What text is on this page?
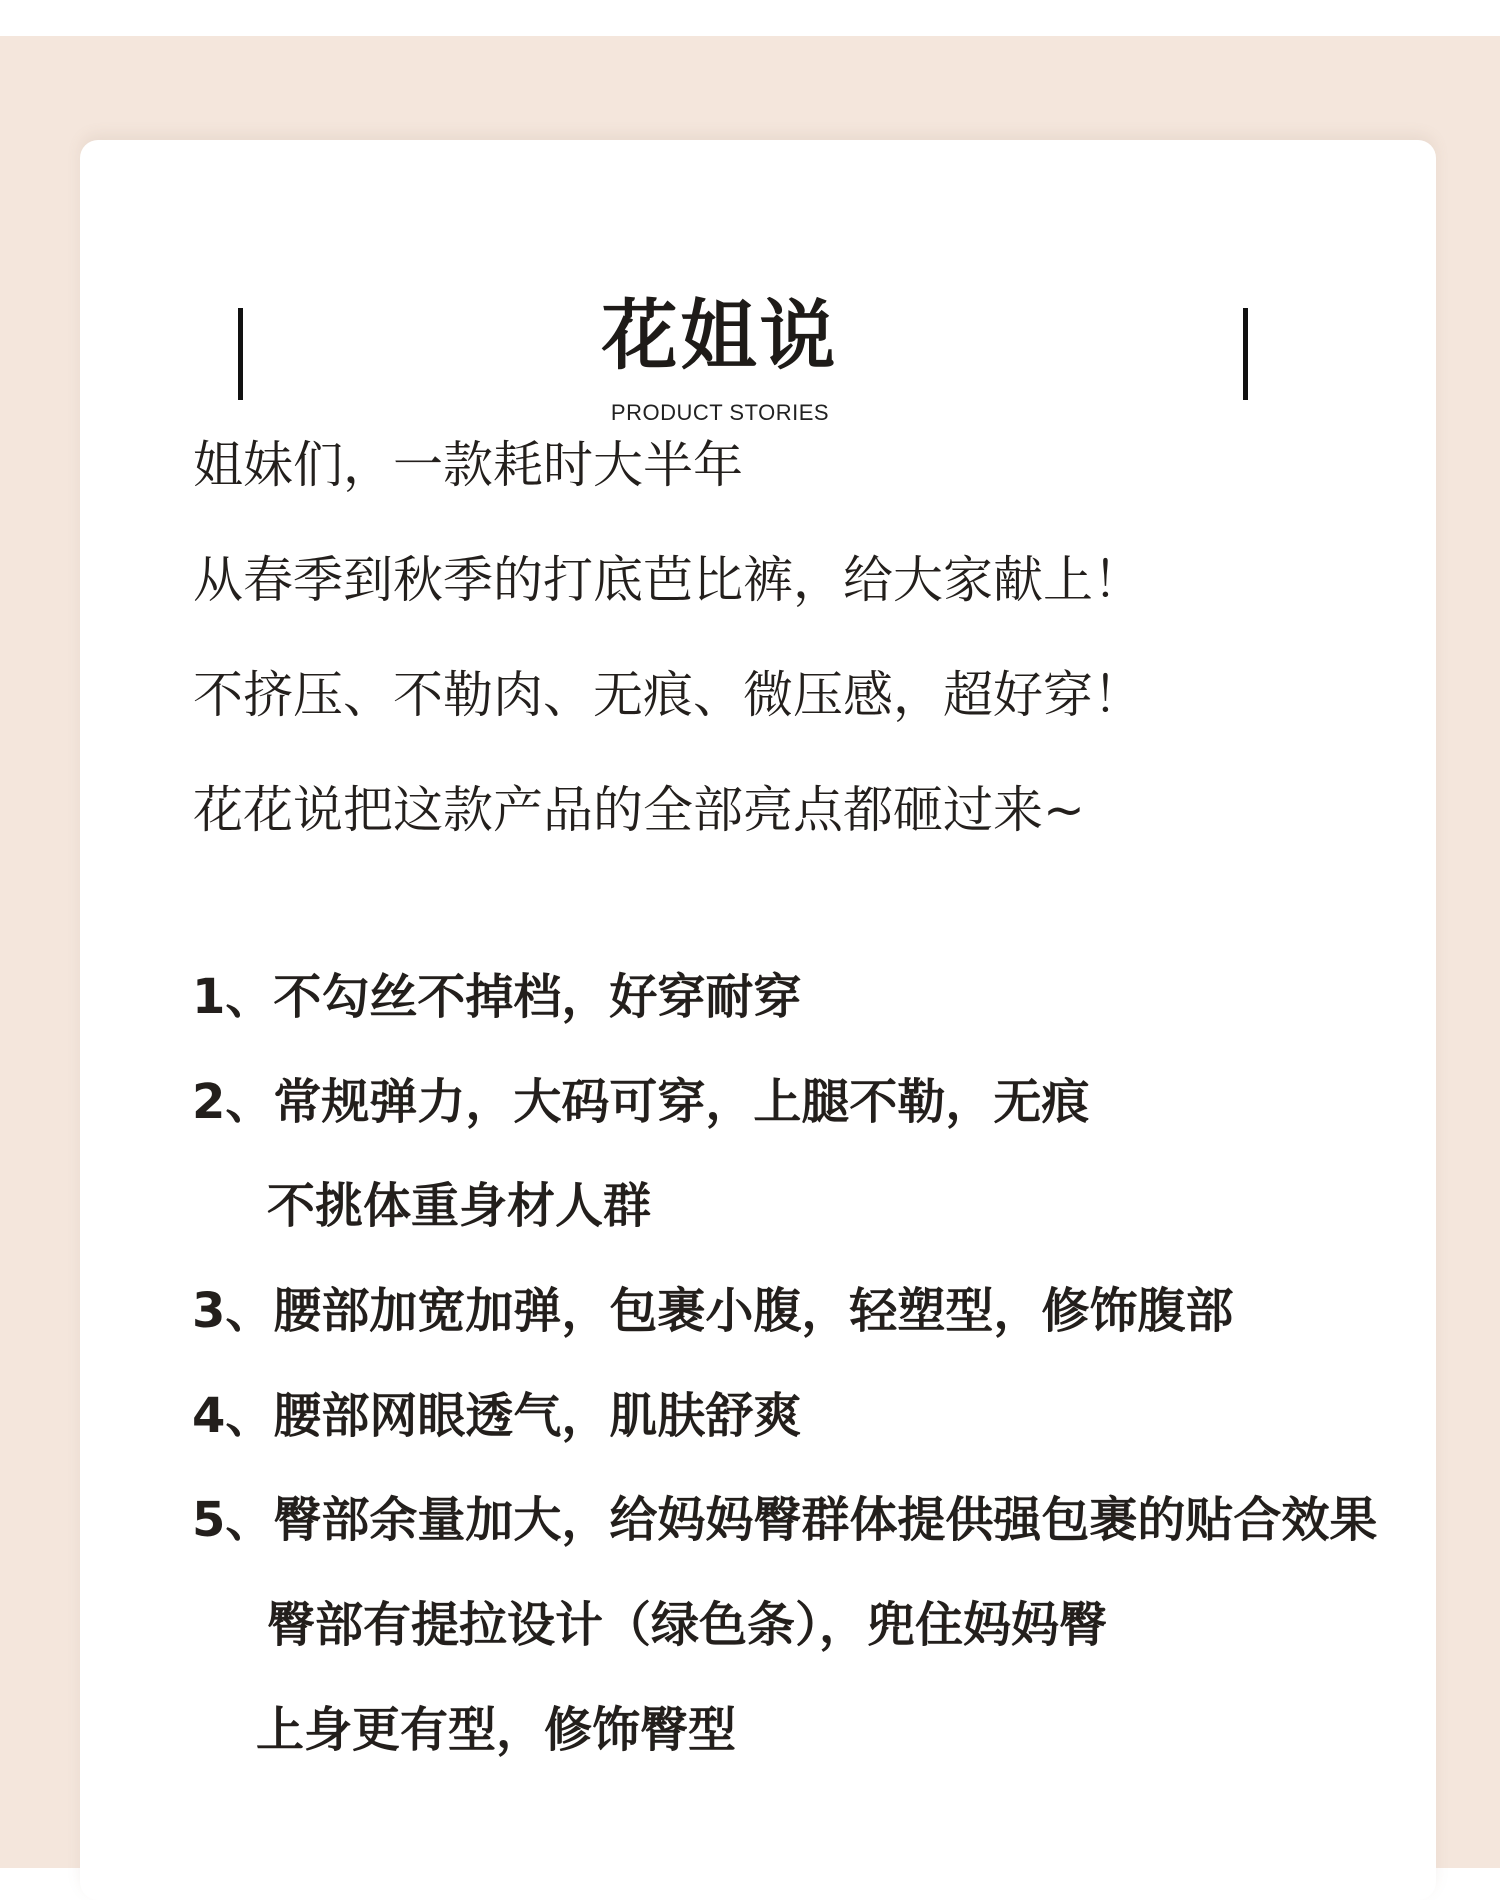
花姐说
PRODUCT STORIES
姐妹们，一款耗时大半年
从春季到秋季的打底芭比裤，给大家献上！
不挤压、不勒肉、无痕、微压感，超好穿！
花花说把这款产品的全部亮点都砸过来~
1、不勾丝不掉档，好穿耐穿
2、常规弹力，大码可穿，上腿不勒，无痕
不挑体重身材人群
3、腰部加宽加弹，包裹小腹，轻塑型，修饰腹部
4、腰部网眼透气，肌肤舒爽
5、臀部余量加大，给妈妈臀群体提供强包裹的贴合效果
臀部有提拉设计（绿色条），兜住妈妈臀
上身更有型，修饰臀型
